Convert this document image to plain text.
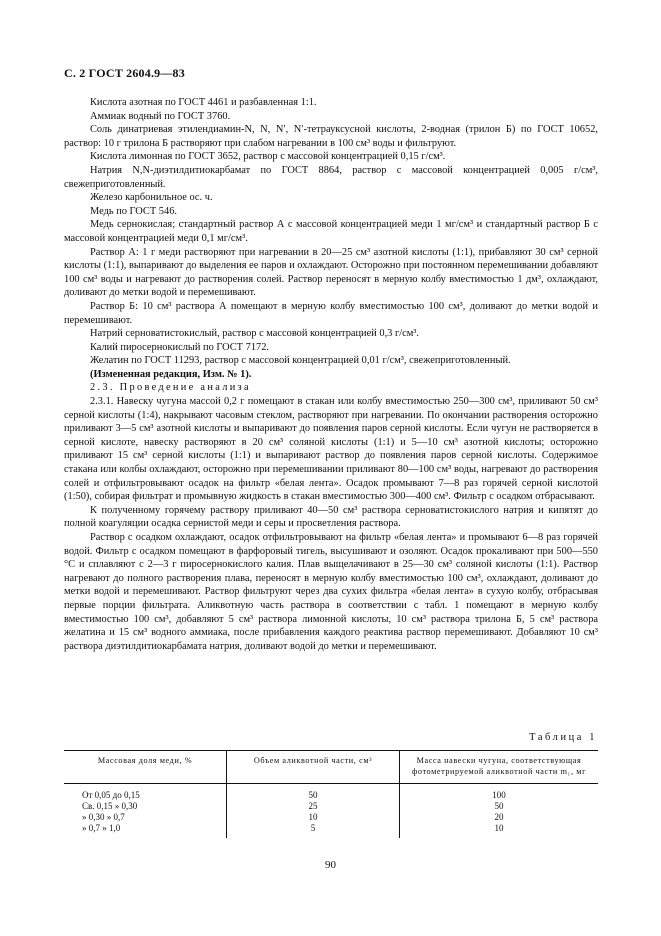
С. 2 ГОСТ 2604.9—83

Кислота азотная по ГОСТ 4461 и разбавленная 1:1.

Аммиак водный по ГОСТ 3760.

Соль динатриевая этилендиамин-N, N, N′, N′-тетрауксусной кислоты, 2-водная (трилон Б) по ГОСТ 10652, раствор: 10 г трилона Б растворяют при слабом нагревании в 100 см³ воды и фильтруют.

Кислота лимонная по ГОСТ 3652, раствор с массовой концентрацией 0,15 г/см³.

Натрия N,N-диэтилдитиокарбамат по ГОСТ 8864, раствор с массовой концентрацией 0,005 г/см³, свежеприготовленный.

Железо карбонильное ос. ч.

Медь по ГОСТ 546.

Медь сернокислая; стандартный раствор А с массовой концентрацией меди 1 мг/см³ и стандартный раствор Б с массовой концентрацией меди 0,1 мг/см³.

Раствор А: 1 г меди растворяют при нагревании в 20—25 см³ азотной кислоты (1:1), прибавляют 30 см³ серной кислоты (1:1), выпаривают до выделения ее паров и охлаждают. Осторожно при постоянном перемешивании добавляют 100 см³ воды и нагревают до растворения солей. Раствор переносят в мерную колбу вместимостью 1 дм³, охлаждают, доливают до метки водой и перемешивают.

Раствор Б: 10 см³ раствора А помещают в мерную колбу вместимостью 100 см³, доливают до метки водой и перемешивают.

Натрий серноватистокислый, раствор с массовой концентрацией 0,3 г/см³.

Калий пиросернокислый по ГОСТ 7172.

Желатин по ГОСТ 11293, раствор с массовой концентрацией 0,01 г/см³, свежеприготовленный.

(Измененная редакция, Изм. № 1).

2.3. Проведение анализа

2.3.1. Навеску чугуна массой 0,2 г помещают в стакан или колбу вместимостью 250—300 см³, приливают 50 см³ серной кислоты (1:4), накрывают часовым стеклом, растворяют при нагревании. По окончании растворения осторожно приливают 3—5 см³ азотной кислоты и выпаривают до появления паров серной кислоты. Если чугун не растворяется в серной кислоте, навеску растворяют в 20 см³ соляной кислоты (1:1) и 5—10 см³ азотной кислоты; осторожно приливают 15 см³ серной кислоты (1:1) и выпаривают раствор до появления паров серной кислоты. Содержимое стакана или колбы охлаждают, осторожно при перемешивании приливают 80—100 см³ воды, нагревают до растворения солей и отфильтровывают осадок на фильтр «белая лента». Осадок промывают 7—8 раз горячей серной кислотой (1:50), собирая фильтрат и промывную жидкость в стакан вместимостью 300—400 см³. Фильтр с осадком отбрасывают.

К полученному горячему раствору приливают 40—50 см³ раствора серноватистокислого натрия и кипятят до полной коагуляции осадка сернистой меди и серы и просветления раствора.

Раствор с осадком охлаждают, осадок отфильтровывают на фильтр «белая лента» и промывают 6—8 раз горячей водой. Фильтр с осадком помещают в фарфоровый тигель, высушивают и озоляют. Осадок прокаливают при 500—550 °С и сплавляют с 2—3 г пиросернокислого калия. Плав выщелачивают в 25—30 см³ соляной кислоты (1:1). Раствор нагревают до полного растворения плава, переносят в мерную колбу вместимостью 100 см³, охлаждают, доливают до метки водой и перемешивают. Раствор фильтруют через два сухих фильтра «белая лента» в сухую колбу, отбрасывая первые порции фильтрата. Аликвотную часть раствора в соответствии с табл. 1 помещают в мерную колбу вместимостью 100 см³, добавляют 5 см³ раствора лимонной кислоты, 10 см³ раствора трилона Б, 5 см³ раствора желатина и 15 см³ водного аммиака, после прибавления каждого реактива раствор перемешивают. Добавляют 10 см³ раствора диэтилдитиокарбамата натрия, доливают водой до метки и перемешивают.

Таблица 1
Массовая доля меди, %	Объем аликвотной части, см³	Масса навески чугуна, соответствующая фотометрируемой аликвотной части m₁, мг
От 0,05 до 0,15	50	100
Св. 0,15 » 0,30	25	50
» 0,30 » 0,7	10	20
» 0,7 » 1,0	5	10
90
